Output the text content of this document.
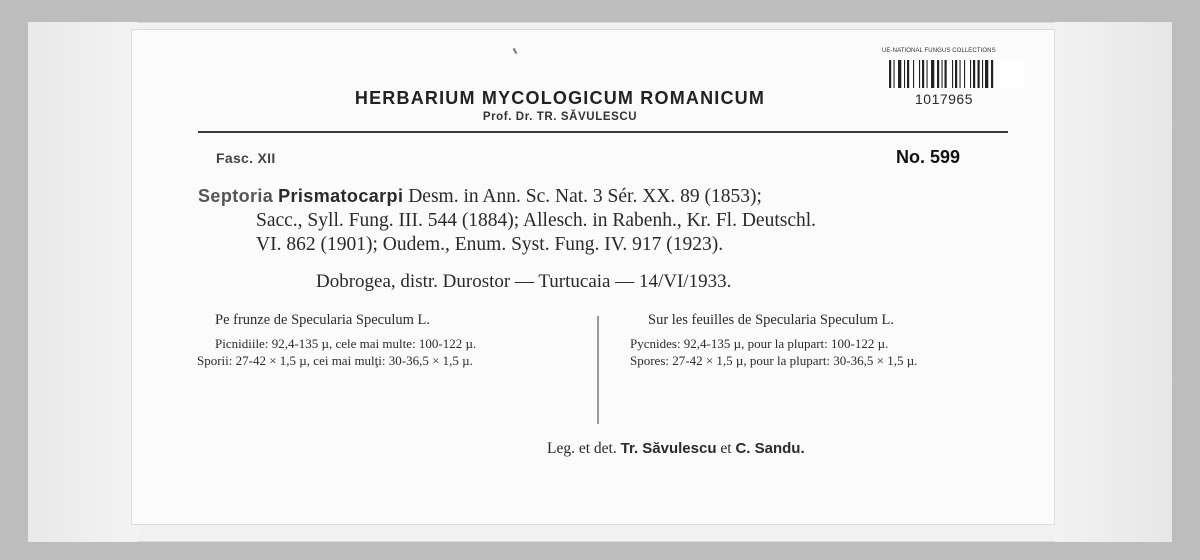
HERBARIUM MYCOLOGICUM ROMANICUM
Prof. Dr. TR. SĂVULESCU
UE-NATIONAL FUNGUS COLLECTIONS
1017965
Fasc. XII	No. 599
Septoria Prismatocarpi Desm. in Ann. Sc. Nat. 3 Sér. XX. 89 (1853);
Sacc., Syll. Fung. III. 544 (1884); Allesch. in Rabenh., Kr. Fl. Deutschl.
VI. 862 (1901); Oudem., Enum. Syst. Fung. IV. 917 (1923).
Dobrogea, distr. Durostor — Turtucaia — 14/VI/1933.

Pe frunze de Specularia Speculum L.

Picnidiile: 92,4-135 µ, cele mai multe: 100-122 µ.

Sporii: 27-42 × 1,5 µ, cei mai mulţi: 30-36,5 × 1,5 µ.

Sur les feuilles de Specularia Speculum L.

Pycnides: 92,4-135 µ, pour la plupart: 100-122 µ.

Spores: 27-42 × 1,5 µ, pour la plupart: 30-36,5 × 1,5 µ.

Leg. et det. Tr. Săvulescu et C. Sandu.
